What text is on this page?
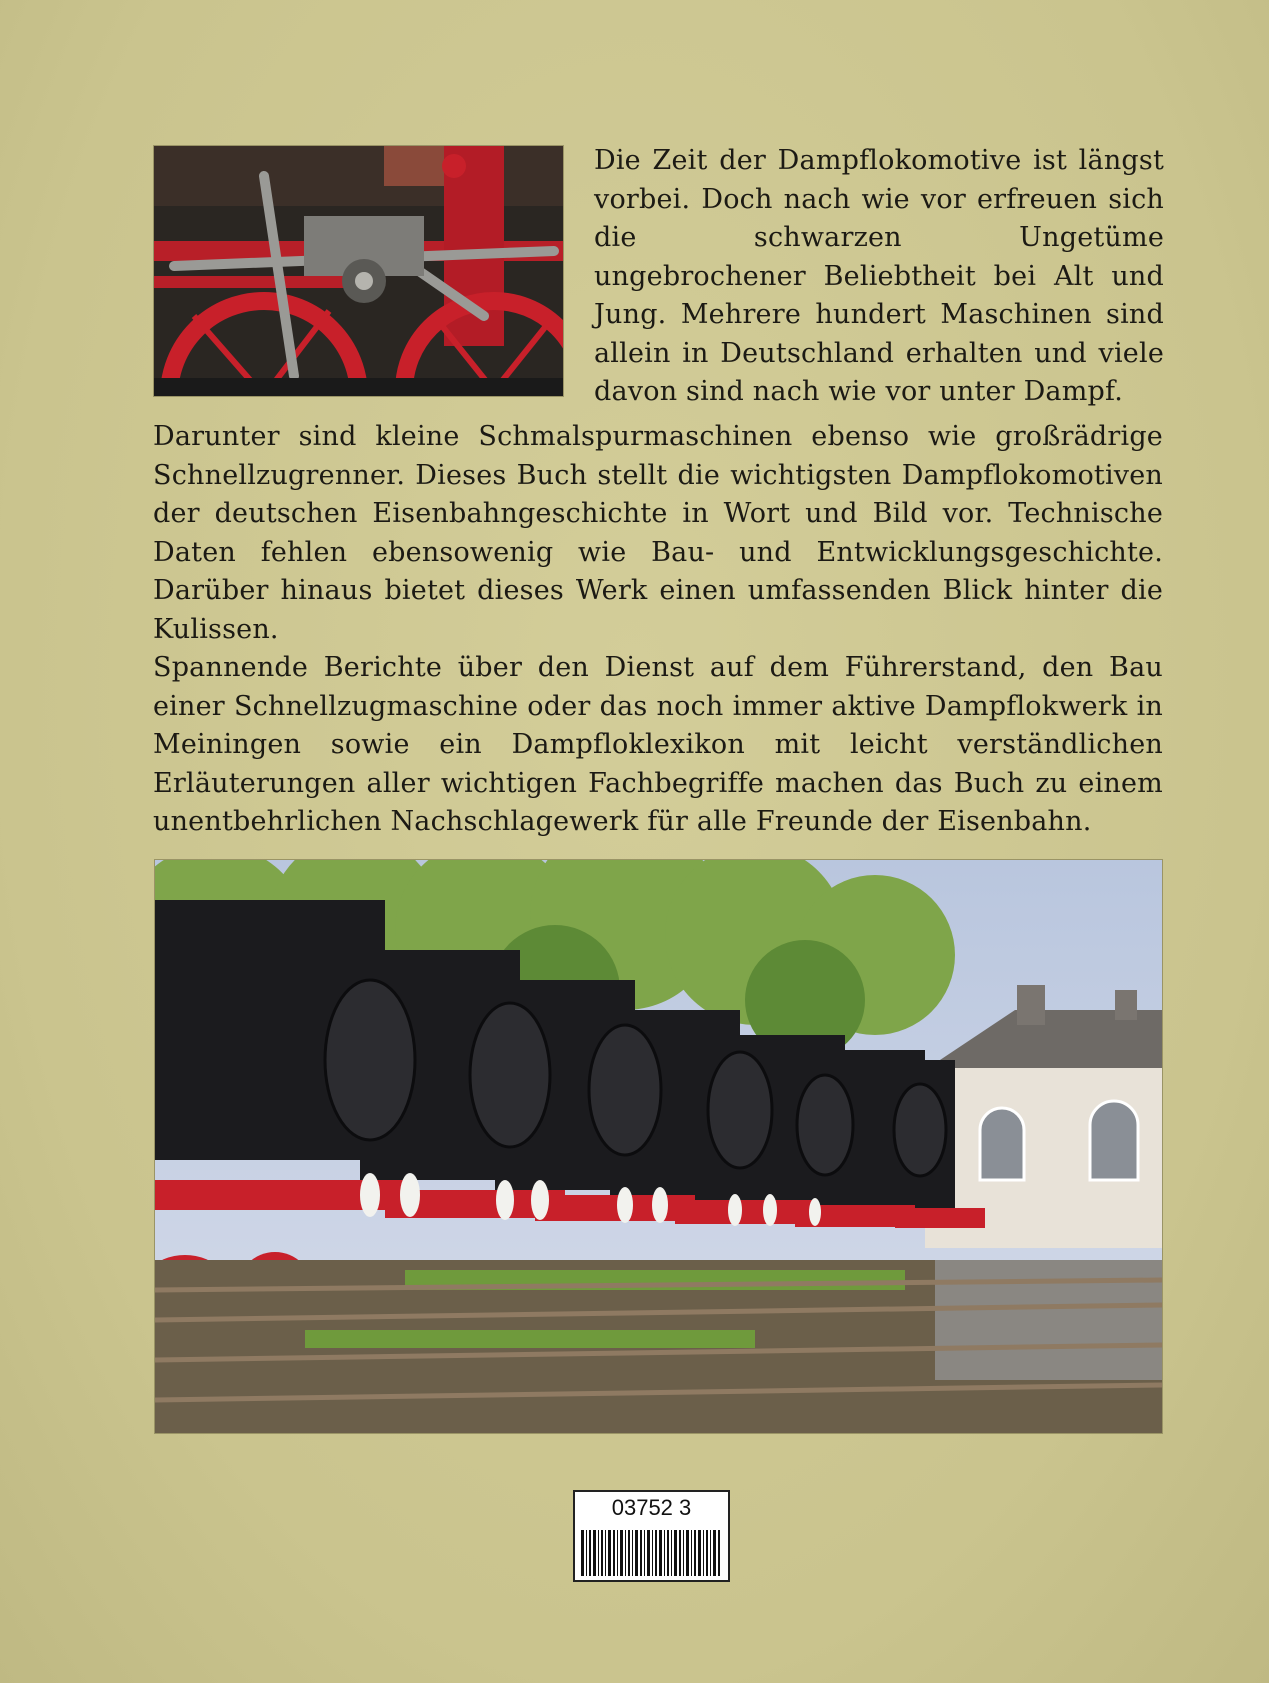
Die Zeit der Dampflokomotive ist längst vorbei. Doch nach wie vor erfreuen sich die schwarzen Ungetüme ungebrochener Beliebtheit bei Alt und Jung. Mehrere hundert Maschinen sind allein in Deutschland erhalten und viele davon sind nach wie vor unter Dampf.

Darunter sind kleine Schmalspurmaschinen ebenso wie großrädrige Schnellzugrenner. Dieses Buch stellt die wichtigsten Dampflokomotiven der deutschen Eisenbahngeschichte in Wort und Bild vor. Technische Daten fehlen ebensowenig wie Bau- und Entwicklungsgeschichte. Darüber hinaus bietet dieses Werk einen umfassenden Blick hinter die Kulissen.

Spannende Berichte über den Dienst auf dem Führerstand, den Bau einer Schnellzugmaschine oder das noch immer aktive Dampflokwerk in Meiningen sowie ein Dampfloklexikon mit leicht verständlichen Erläuterungen aller wichtigen Fachbegriffe machen das Buch zu einem unentbehrlichen Nachschlagewerk für alle Freunde der Eisenbahn.

03752 3
